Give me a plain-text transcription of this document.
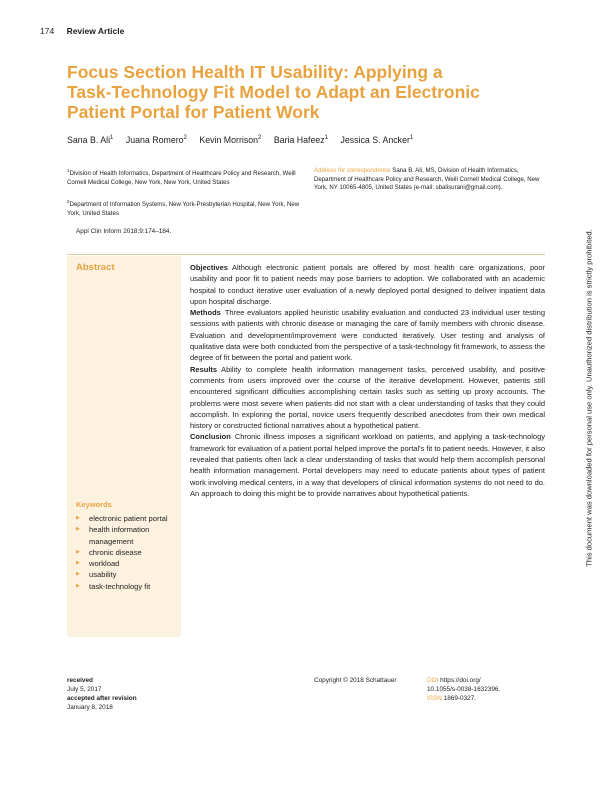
174 Review Article
Focus Section Health IT Usability: Applying a Task-Technology Fit Model to Adapt an Electronic Patient Portal for Patient Work
Sana B. Ali$^1$ Juana Romero$^2$ Kevin Morrison$^2$ Baria Hafeez$^1$ Jessica S. Ancker$^1$
$^1$Division of Health Informatics, Department of Healthcare Policy and Research, Weill Cornell Medical College, New York, New York, United States
$^2$Department of Information Systems, New York-Presbyterian Hospital, New York, New York, United States
Address for correspondence Sana B. Ali, MS, Division of Health Informatics, Department of Healthcare Policy and Research, Weill Cornell Medical College, New York, NY 10065-4805, United States (e-mail: sbalisurani@gmail.com).
Appl Clin Inform 2018;9:174–184.
Abstract	Objectives Although electronic patient portals are offered by most health care organizations, poor usability and poor fit to patient needs may pose barriers to adoption. We collaborated with an academic hospital to conduct iterative user evaluation of a newly deployed portal designed to deliver inpatient data upon hospital discharge.

Methods Three evaluators applied heuristic usability evaluation and conducted 23 individual user testing sessions with patients with chronic disease or managing the care of family members with chronic disease. Evaluation and development/improvement were conducted iteratively. User testing and analysis of qualitative data were both conducted from the perspective of a task-technology fit framework, to assess the degree of fit between the portal and patient work.

Results Ability to complete health information management tasks, perceived usability, and positive comments from users improved over the course of the iterative development. However, patients still encountered significant difficulties accomplishing certain tasks such as setting up proxy accounts. The problems were most severe when patients did not start with a clear understanding of tasks that they could accomplish. In exploring the portal, novice users frequently described anecdotes from their own medical history or constructed fictional narratives about a hypothetical patient.

Conclusion Chronic illness imposes a significant workload on patients, and applying a task-technology framework for evaluation of a patient portal helped improve the portal's fit to patient needs. However, it also revealed that patients often lack a clear understanding of tasks that would help them accomplish personal health information management. Portal developers may need to educate patients about types of patient work involving medical centers, in a way that developers of clinical information systems do not need to do. An approach to doing this might be to provide narratives about hypothetical patients.

Keywords
▶ electronic patient portal
▶ health information management
▶ chronic disease
▶ workload
▶ usability
▶ task-technology fit
received
July 5, 2017
accepted after revision
January 8, 2018
Copyright © 2018 Schattauer	DOI https://doi.org/
10.1055/s-0038-1632396.
ISSN 1869-0327.
This document was downloaded for personal use only. Unauthorized distribution is strictly prohibited.
